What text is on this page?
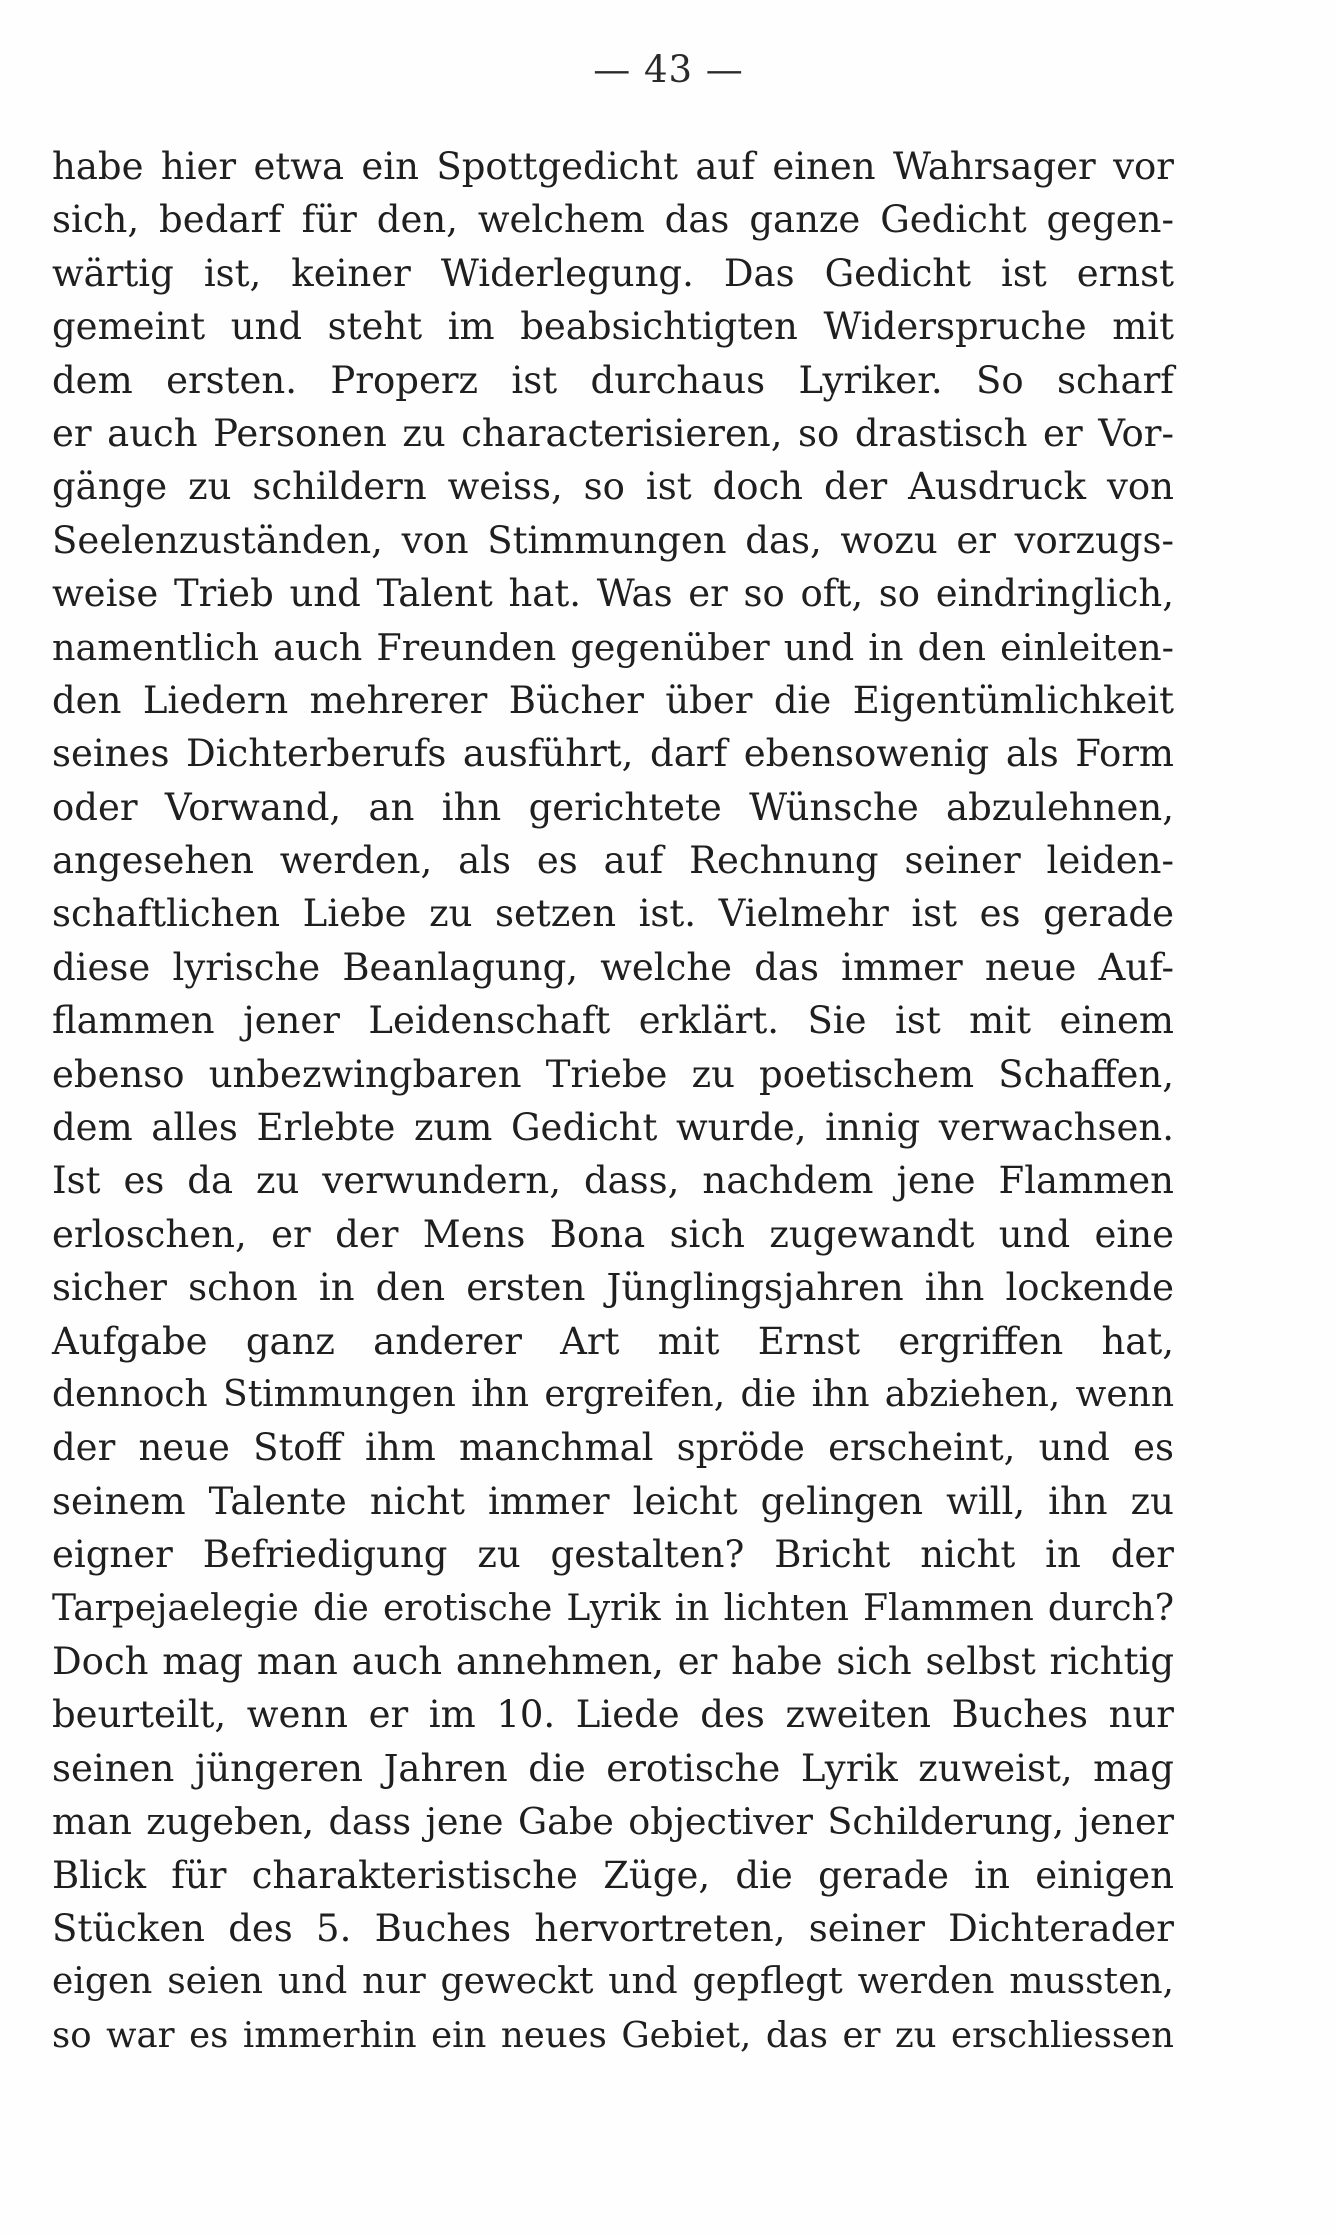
— 43 —
habe hier etwa ein Spottgedicht auf einen Wahrsager vor
sich, bedarf für den, welchem das ganze Gedicht gegen-
wärtig ist, keiner Widerlegung. Das Gedicht ist ernst
gemeint und steht im beabsichtigten Widerspruche mit
dem ersten. Properz ist durchaus Lyriker. So scharf
er auch Personen zu characterisieren, so drastisch er Vor-
gänge zu schildern weiss, so ist doch der Ausdruck von
Seelenzuständen, von Stimmungen das, wozu er vorzugs-
weise Trieb und Talent hat. Was er so oft, so eindringlich,
namentlich auch Freunden gegenüber und in den einleiten-
den Liedern mehrerer Bücher über die Eigentümlichkeit
seines Dichterberufs ausführt, darf ebensowenig als Form
oder Vorwand, an ihn gerichtete Wünsche abzulehnen,
angesehen werden, als es auf Rechnung seiner leiden-
schaftlichen Liebe zu setzen ist. Vielmehr ist es gerade
diese lyrische Beanlagung, welche das immer neue Auf-
flammen jener Leidenschaft erklärt. Sie ist mit einem
ebenso unbezwingbaren Triebe zu poetischem Schaffen,
dem alles Erlebte zum Gedicht wurde, innig verwachsen.
Ist es da zu verwundern, dass, nachdem jene Flammen
erloschen, er der Mens Bona sich zugewandt und eine
sicher schon in den ersten Jünglingsjahren ihn lockende
Aufgabe ganz anderer Art mit Ernst ergriffen hat,
dennoch Stimmungen ihn ergreifen, die ihn abziehen, wenn
der neue Stoff ihm manchmal spröde erscheint, und es
seinem Talente nicht immer leicht gelingen will, ihn zu
eigner Befriedigung zu gestalten? Bricht nicht in der
Tarpejaelegie die erotische Lyrik in lichten Flammen durch?
Doch mag man auch annehmen, er habe sich selbst richtig
beurteilt, wenn er im 10. Liede des zweiten Buches nur
seinen jüngeren Jahren die erotische Lyrik zuweist, mag
man zugeben, dass jene Gabe objectiver Schilderung, jener
Blick für charakteristische Züge, die gerade in einigen
Stücken des 5. Buches hervortreten, seiner Dichterader
eigen seien und nur geweckt und gepflegt werden mussten,
so war es immerhin ein neues Gebiet, das er zu erschliessen
